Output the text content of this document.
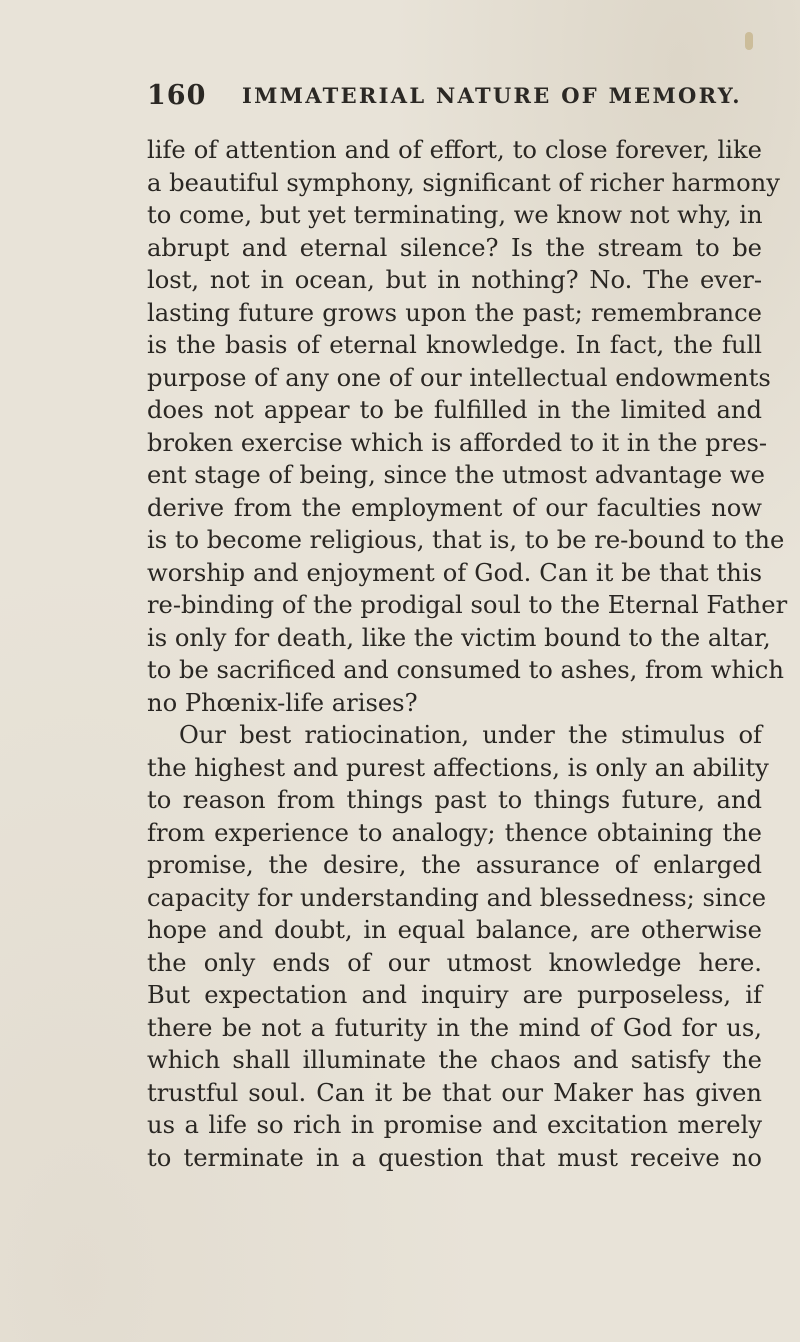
160 IMMATERIAL NATURE OF MEMORY.
life of attention and of effort, to close forever, like
a beautiful symphony, significant of richer harmony
to come, but yet terminating, we know not why, in
abrupt and eternal silence? Is the stream to be
lost, not in ocean, but in nothing? No. The ever-
lasting future grows upon the past; remembrance
is the basis of eternal knowledge. In fact, the full
purpose of any one of our intellectual endowments
does not appear to be fulfilled in the limited and
broken exercise which is afforded to it in the pres-
ent stage of being, since the utmost advantage we
derive from the employment of our faculties now
is to become religious, that is, to be re-bound to the
worship and enjoyment of God. Can it be that this
re-binding of the prodigal soul to the Eternal Father
is only for death, like the victim bound to the altar,
to be sacrificed and consumed to ashes, from which
no Phœnix-life arises?
Our best ratiocination, under the stimulus of
the highest and purest affections, is only an ability
to reason from things past to things future, and
from experience to analogy; thence obtaining the
promise, the desire, the assurance of enlarged
capacity for understanding and blessedness; since
hope and doubt, in equal balance, are otherwise
the only ends of our utmost knowledge here.
But expectation and inquiry are purposeless, if
there be not a futurity in the mind of God for us,
which shall illuminate the chaos and satisfy the
trustful soul. Can it be that our Maker has given
us a life so rich in promise and excitation merely
to terminate in a question that must receive no
